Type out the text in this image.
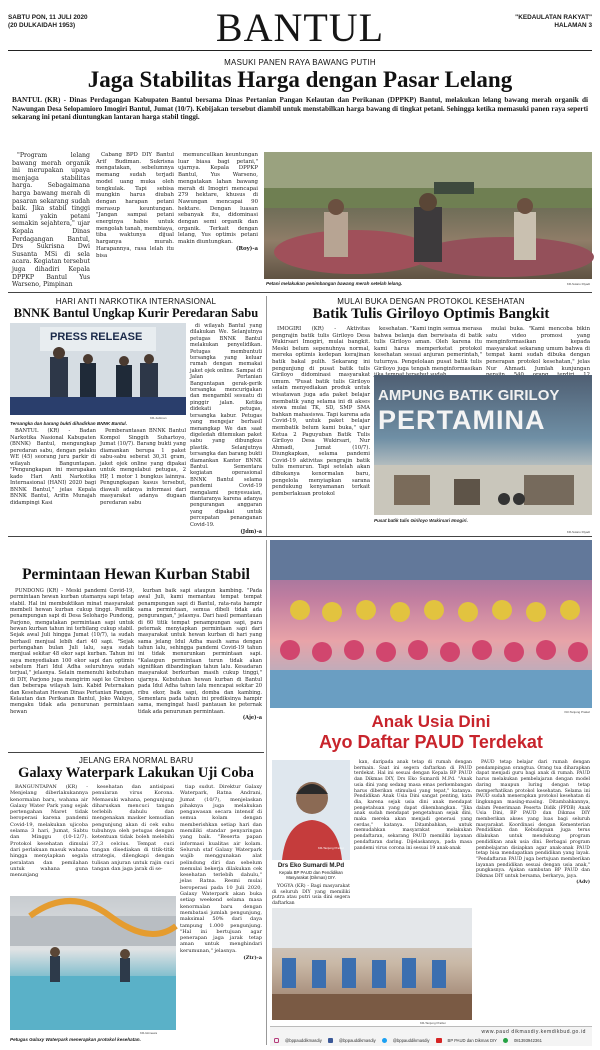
SABTU PON, 11 JULI 2020
(20 DULKAIDAH 1953)	BANTUL	"KEDAULATAN RAKYAT"
HALAMAN 3
MASUKI PANEN RAYA BAWANG PUTIH
Jaga Stabilitas Harga dengan Pasar Lelang
BANTUL (KR) - Dinas Perdagangan Kabupaten Bantul bersama Dinas Pertanian Pangan Kelautan dan Perikanan (DPPKP) Bantul, melakukan lelang bawang merah organik di Nawungan Desa Selopamioro Imogiri Bantul, Jumat (10/7). Kebijakan tersebut diambil untuk menstabilkan harga bawang di tingkat petani. Sehingga ketika memasuki panen raya seperti sekarang ini petani diuntungkan lantaran harga stabil tinggi.

"Program lelang bawang merah organik ini merupakan upaya menjaga stabilitas harga. Sebagaimana harga bawang merah di pasaran sekarang sudah baik. Jika stabil tinggi kami yakin petani semakin sejahtera," ujar Kepala Dinas Perdagangan Bantul, Drs Sukrisna Dwi Susanta MSi di sela acara. Kegiatan tersebut juga dihadiri Kepala DPPKP Bantul Yus Warseno, Pimpinan

Cabang BPD DIY Bantul Arif Budiman. Sukrisna mengatakan, sebelumnya memang sudah terjadi model uang muka oleh tengkulak. Tapi sebisa mungkin harus diubah dengan harapan petani merasup keuntungan. "Jangan sampai petani energinya habis untuk mengolah tanah, membiaya, tiba waktunya dijual harganya murah. Harapannya, rasa lelah itu bisa

memuncullkan keuntungan luar biasa bagi petani," ujarnya. Kepala DPPKP Bantul, Yus Warseno, mengatakan lahan bawang merah di Imogiri mencapai 279 hektare, khusus di Nawungan mencapai 90 hektare. Dengan luasan sebanyak itu, didominasi dengan semi organik dan organik. Terkait dengan lelang, Yus optimis petani makin diuntungkan.

(Roy)-a
Petani melakukan penimbangan bawang merah setelah lelang.	KR-Sutaro Riyadi
HARI ANTI NARKOTIKA INTERNASIONAL
BNNK Bantul Ungkap Kurir Peredaran Sabu
PRESS RELEASE
KR-Judiman
Tersangka dan barang bukti dihadirkan BNNK Bantul.

BANTUL (KR) - Badan Narkotika Nasional Kabupaten (BNNK) Bantul, mengungkap peredaran sabu, dengan pelaku WE (45) seorang juru parkir di wilayah Banguntapan. "Pengungkapan ini merupakan kado Hari Anti Narkotika Internasional (HANI) 2020 bagi BNNK Bantul," jelas Kepala BNNK Bantul, Arifin Munajah didampingi Kasi

Pemberantasan BNNK Bantul Kompol Singgih Suhartoyo, Jumat (10/7). Barang bukti yang diamankan berupa 1 paket sabu-sabu seberat 30,31 gram, jaket ojek online yang dipakai untuk mengelabui petugas, 2 HP, 1 motor 1 bungkus lainnya. Pengungkapan kasus tersebut, diawali adanya informasi dari masyarakat adanya dugaan peredaran sabu

di wilayah Bantul yang dilakukan We. Selanjutnya petugas BNNK Bantul melakukan penyelidikan. Petugas membuntuti tersangka yang keluar rumah dengan memakai jaket ojek online. Sampai di Jalan Pertanian Banguntapan gerak-gerik tersangka mencurigakan dan mengambil sesuatu di pinggir jalan. Ketika didekati petugas, tersangka kabur. Petugas yang mengejar berhasil menangkap We dan saat digeledah ditemukan paket sabu yang dibungkus plastik. Selanjutnya tersangka dan barang bukti diamankan Kantor BNNK Bantul. Sementara kegiatan operasional BNNK Bantul selama pandemi Covid-19 mengalami penyesuaian, diantaranya karena adanya pengurangan anggaran yang dipakai untuk percepatan penanganan Covid-19.

(Jdm)-a
MULAI BUKA DENGAN PROTOKOL KESEHATAN
Batik Tulis Giriloyo Optimis Bangkit

IMOGIRI (KR) - Aktivitas pengrajin batik tulis Giriloyo Desa Wukirsari Imogiri, mulai bangkit. Meski belum sepenuhnya normal, mereka optimis kedepan kerajinan batik bakal pulih. Sekarang ini pengunjung di pusat batik tulis Giriloyo didominasi masyarakat umum. "Pusat batik tulis Giriloyo selain menyediakan produk untuk wisatawan juga ada paket belajar membatik yang selama ini di akses siswa mulai TK, SD, SMP SMA bahkan mahasiswa. Tapi karena ada Covid-19, untuk paket belajar membatik belum kami buka," ujar Ketua 2 Paguyuban Batik Tulis Giriloyo Desa Wukirsari, Nur Ahmadi, Jumat (10/7). Diungkapkan, selama pandemi Covid-19 aktivitas pengrajin batik tulis menurun. Tapi setelah akan dibukanya kenormalan baru, pengelola menyiapkan sarana pendukung kenyamanan terkait pemberlakuan protokol

kesehatan. "Kami ingin semua merasa bahwa belanja dan berwisata di batik tulis Giriloyo aman. Oleh karena itu kami harus memperketat protokol kesehatan sesuai anjuran pemerintah," tuturnya. Pengelolaan pusat batik tulis Giriloyo juga tengah menginformasikan

mulai buka. "Kami mencoba bikin satu video promosi yang menginformasikan kepada masyarakat sekarang umum bahwa di tempat kami sudah dibuka dengan penerapan protokol kesehatan," jelas Nur Ahmadi. Jumlah kunjungan

AMPUNG BATIK GIRILOY
PERTAMINA
Pusat batik tulis Giriloyo Wukirsari Imogiri.
KR-Sutaro Riyadi
Permintaan Hewan Kurban Stabil

PUNDONG (KR) - Meski pandemi Covid-19, permintaan hewan kurban utamanya sapi tetap stabil. Hal ini membuktikan minat masyarakat membeli hewan kurban cukup tinggi. Pemilik penampungan sapi di Desa Seloharjo Pundong, Parjono, mengatakan permintaan sapi untuk hewan kurban tahun ini terbilang cukup stabil. Sejak awal Juli hingga Jumat (10/7), ia sudah berhasil menjual lebih dari 40 sapi. "Sejak pertengahan bulan Juli lalu, saya sudah menjual sekitar 48 ekor sapi kurban. Tahun ini saya menyediakan 100 ekor sapi dan optimis sebelum Hari Idul Adha seluruhnya sudah terjual," jelasnya. Selain memenuhi kebutuhan di DIY, Parjono juga mengirim sapi ke Cirebon dan beberapa wilayah lain. Kabid Peternakan dan Kesehatan Hewan Dinas Pertanian Pangan, Kelautan dan Perikanan Bantul, Joko Waluyo, mengaku tidak ada penurunan permintaan hewan

kurban baik sapi ataupun kambing. "Pada awal Juli, kami memantau tempat tempat penampungan sapi di Bantul, rata-rata hampir sama permintaan, semua dibeli tidak ada pengurangan," jelasnya. Dari hasil pemantauan di 60 titik tempat penampungan sapi, para peternak menyiapkan permintaan sapi dari masyarakat untuk hewan kurban di hari yang sama jelang Idul Adha masih sama dengan tahun lalu, sehingga pandemi Covid-19 tahun ini tidak menurunkan permintaan sapi. "Kalaupun permintaan turun tidak akan signifikan dibandingkan tahun lalu. Kesadaran masyarakat berkurban masih cukup tinggi," ujarnya. Kebutuhan hewan kurban di Bantul pada Idul Adha tahun lalu mencapai sekitar 20 ribu ekor, baik sapi, domba dan kambing. Sementara pada tahun ini prediksinya hampir sama, mengingat hasil pantauan ke peternak tidak ada penurunan permintaan.

(Aje)-a
JELANG ERA NORMAL BARU
Galaxy Waterpark Lakukan Uji Coba

BANGUNTAPAN (KR) - Menjelang diberlakukannya kenormalan baru, wahana air Galaxy Water Park yang sejak pertengahan Maret tidak beroperasi karena pandemi Covid-19, melakukan ujicoba selama 3 hari, Jumat, Sabtu dan Minggu (10-12/7). Protokol kesehatan dimulai dari perlakuan masuk wahana hingga menyiapkan segala peralatan dan pemilahan untuk wahana guna menunjang

kesehatan dan antisipasi penularan virus Korona. Memasuki wahana, pengunjung diharuskan mencuci tangan terlebih dahulu dan mengenakan masker kemudian pengunjung akan di cek suhu tubuhnya oleh petugas dengan ketentuan tidak boleh melebihi 37,3 celcius. Tempat cuci tangan disediakan di titik-titik strategis, dilengkapi dengan tulisan anjuran untuk rajin cuci tangan dan jaga jarak di se-

tiap sudut. Direktur Galaxy Waterpark, Ratna Andrani, Jumat (10/7), menjelaskan pihaknya juga melakukan pengawasan secara intensif di semua kolam dengan memberishkan setiap hari dan memiliki standar penyaringan yang baik. "Beserta papan informasi kualitas air kolam. Seluruh staf Galaxy Waterpark wajib menggunakan alat pelindung diri dan sebelum memulai bekerja dilakukan cek kesehatan terlebih dahulu," jelas Ratna. Resmi mulai beroperasi pada 10 Juli 2020, Galaxy Waterpark akan buka setiap weekend selama masa kenormalan baru dengan membatasi jumlah pengunjung, maksimal 50% dari daya tampung 1.000 pengunjung. "Hal ini bertujuan agar penerapan jaga jarak tetap aman untuk menghindari kerumunan," jelasnya.

(Ztr)-a
KR-Istimewa
Petugas Galaxy Waterpark menerapkan protokol kesehatan.
KR-Tanjung Pratiwi
Anak Usia Dini
Ayo Daftar PAUD Terdekat
KR-Tanjung Pratiwi
Drs Eko Sumardi M.Pd
Kepala BP PAUD dan Pendidikan Masyarakat (Dikmas) DIY.

YOGYA (KR) - Bagi masyarakat di seluruh DIY yang memiliki putra atau putri usia dini segera daftarkan

kan, daripada anak tetap di rumah dengan bermain. Saat ini segera daftarkan di PAUD terdekat. Hal ini sesuai dengan Kepala BP PAUD dan Dikmas DIY, Drs Eko Sumardi M.Pd. "Anak usia dini yang sedang masa emas perkembangan harus diberikan stimulasi yang tepat," katanya. Pendidikan Anak Usia Dini sangat penting, kata dia, karena sejak usia dini anak mendapat pengetahuan yang dapat dikembangkan. "Jika anak sudah mendapat pengetahuan sejak dini, maka mereka akan menjadi generasi yang cerdas," katanya. Ditambahkan, untuk memudahkan masyarakat melakukan pendaftaran, sekarang PAUD memiliki layanan pendaftaran daring. Dijelaskannya, pada masa pandemi virus corona ini sesuai 19 anak-anak

PAUD tetap belajar dari rumah dengan pendampingan orangtua. Orang tua diharapkan dapat menjadi guru bagi anak di rumah. PAUD harus melakukan pembelajaran dengan model daring maupun luring dengan tetap memperhatikan protokol kesehatan. Selama ini PAUD sudah menerapkan protokol kesehatan di lingkungan masing-masing. Ditambahkannya, dalam Penerimaan Peserta Didik (PPDB) Anak Usia Dini, BP PAUD dan Dikmas DIY memberikan akses yang luas bagi seluruh masyarakat. Koordinasi dengan Kementerian Pendidikan dan Kebudayaan juga terus dilakukan untuk mendukung program pendidikan anak usia dini. Berbagai program pembelajaran disiapkan agar anak-anak PAUD tetap bisa mendapatkan pendidikan yang layak. "Pendaftaran PAUD juga bertujuan memberikan layanan pendidikan sesuai dengan usia anak," pungkasnya. Ajakan sambutan BP PAUD dan Dikmas DIY untuk bersama, berkarya, jaya.

(Adv)
KR-Tanjung Pratiwi
www.paud dikmasdiy.kemdikbud.go.id
@bppauddikmasdiy	@bppauddikmasdiy	@bppauddikmasdiy	BP PAUD dan Dikmas DIY	081393942361
